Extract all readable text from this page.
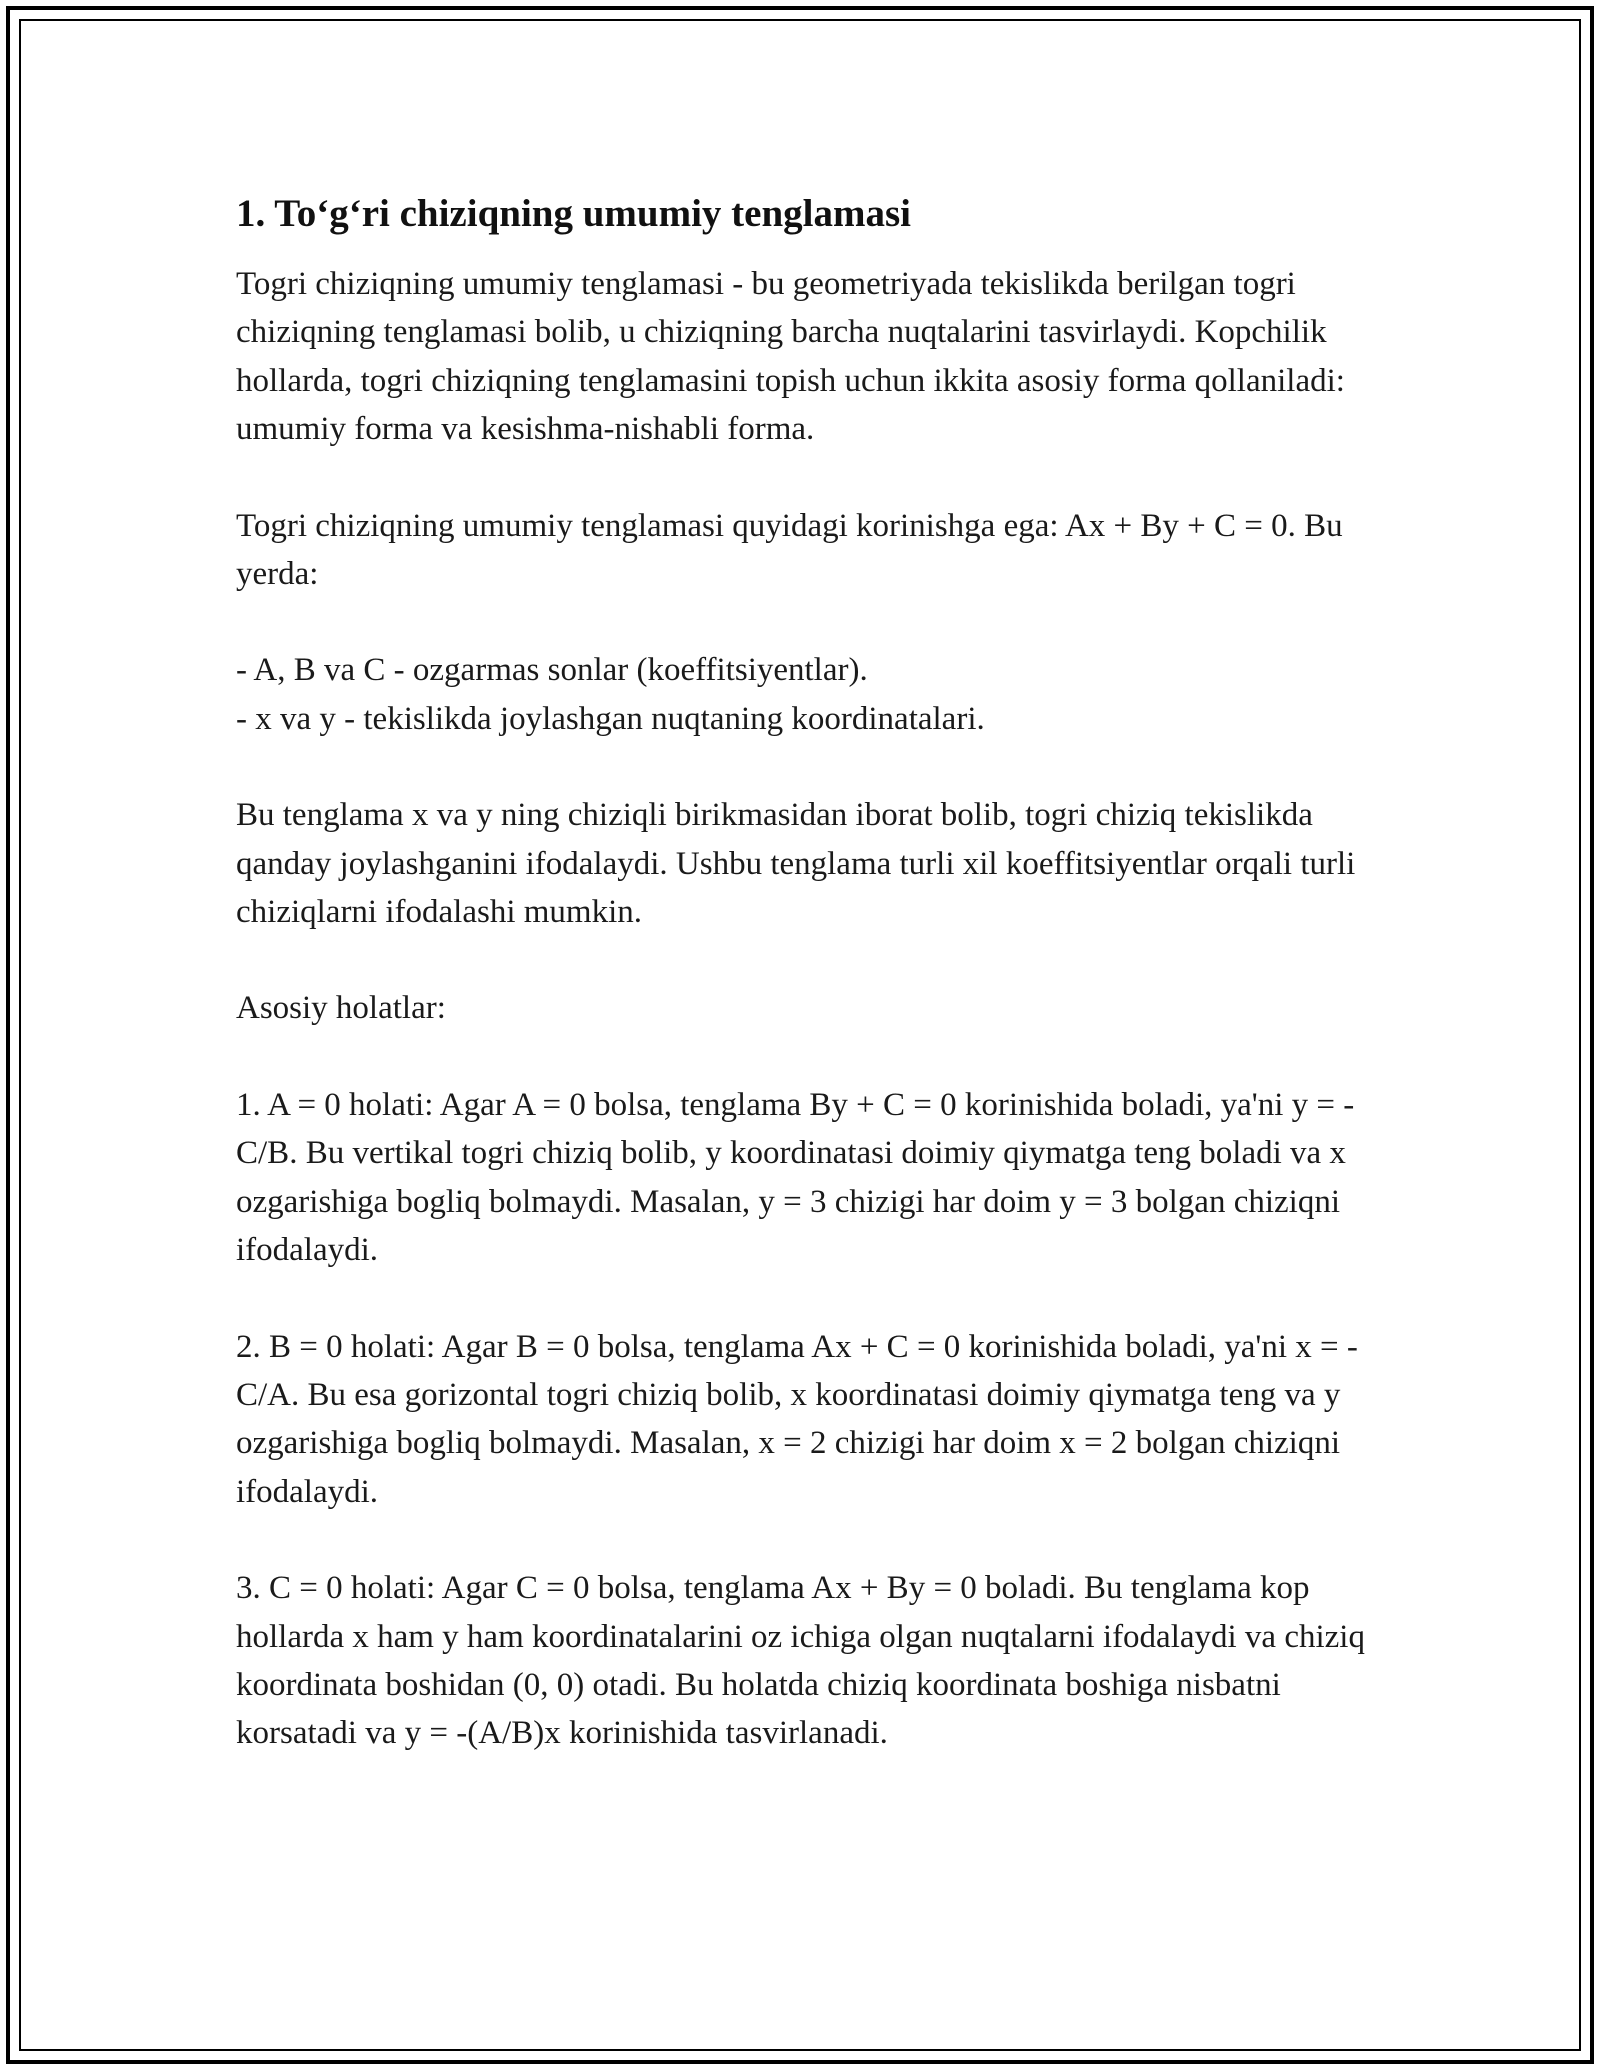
1. To‘g‘ri chiziqning umumiy tenglamasi

Togri chiziqning umumiy tenglamasi - bu geometriyada tekislikda berilgan togri chiziqning tenglamasi bolib, u chiziqning barcha nuqtalarini tasvirlaydi. Kopchilik hollarda, togri chiziqning tenglamasini topish uchun ikkita asosiy forma qollaniladi: umumiy forma va kesishma-nishabli forma.

Togri chiziqning umumiy tenglamasi quyidagi korinishga ega: Ax + By + C = 0. Bu yerda:

- A, B va C - ozgarmas sonlar (koeffitsiyentlar).

- x va y - tekislikda joylashgan nuqtaning koordinatalari.

Bu tenglama x va y ning chiziqli birikmasidan iborat bolib, togri chiziq tekislikda qanday joylashganini ifodalaydi. Ushbu tenglama turli xil koeffitsiyentlar orqali turli chiziqlarni ifodalashi mumkin.

Asosiy holatlar:

1. A = 0 holati: Agar A = 0 bolsa, tenglama By + C = 0 korinishida boladi, ya'ni y = -C/B. Bu vertikal togri chiziq bolib, y koordinatasi doimiy qiymatga teng boladi va x ozgarishiga bogliq bolmaydi. Masalan, y = 3 chizigi har doim y = 3 bolgan chiziqni ifodalaydi.

2. B = 0 holati: Agar B = 0 bolsa, tenglama Ax + C = 0 korinishida boladi, ya'ni x = -C/A. Bu esa gorizontal togri chiziq bolib, x koordinatasi doimiy qiymatga teng va y ozgarishiga bogliq bolmaydi. Masalan, x = 2 chizigi har doim x = 2 bolgan chiziqni ifodalaydi.

3. C = 0 holati: Agar C = 0 bolsa, tenglama Ax + By = 0 boladi. Bu tenglama kop hollarda x ham y ham koordinatalarini oz ichiga olgan nuqtalarni ifodalaydi va chiziq koordinata boshidan (0, 0) otadi. Bu holatda chiziq koordinata boshiga nisbatni korsatadi va y = -(A/B)x korinishida tasvirlanadi.
